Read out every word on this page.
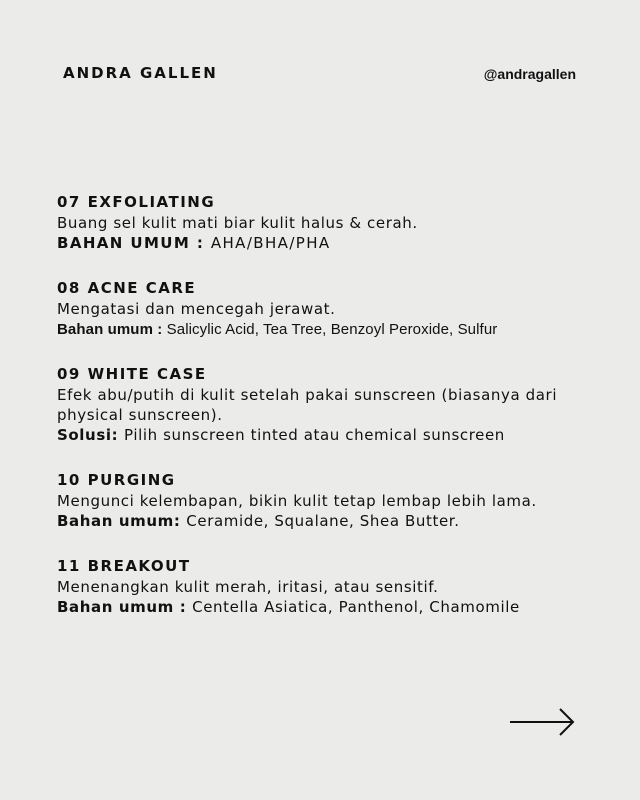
ANDRA GALLEN	@andragallen

07 EXFOLIATING

Buang sel kulit mati biar kulit halus & cerah.

BAHAN UMUM : AHA/BHA/PHA

08 ACNE CARE

Mengatasi dan mencegah jerawat.

Bahan umum : Salicylic Acid, Tea Tree, Benzoyl Peroxide, Sulfur

09 WHITE CASE

Efek abu/putih di kulit setelah pakai sunscreen (biasanya dari physical sunscreen).

Solusi: Pilih sunscreen tinted atau chemical sunscreen

10 PURGING

Mengunci kelembapan, bikin kulit tetap lembap lebih lama.

Bahan umum: Ceramide, Squalane, Shea Butter.

11 BREAKOUT

Menenangkan kulit merah, iritasi, atau sensitif.

Bahan umum : Centella Asiatica, Panthenol, Chamomile
